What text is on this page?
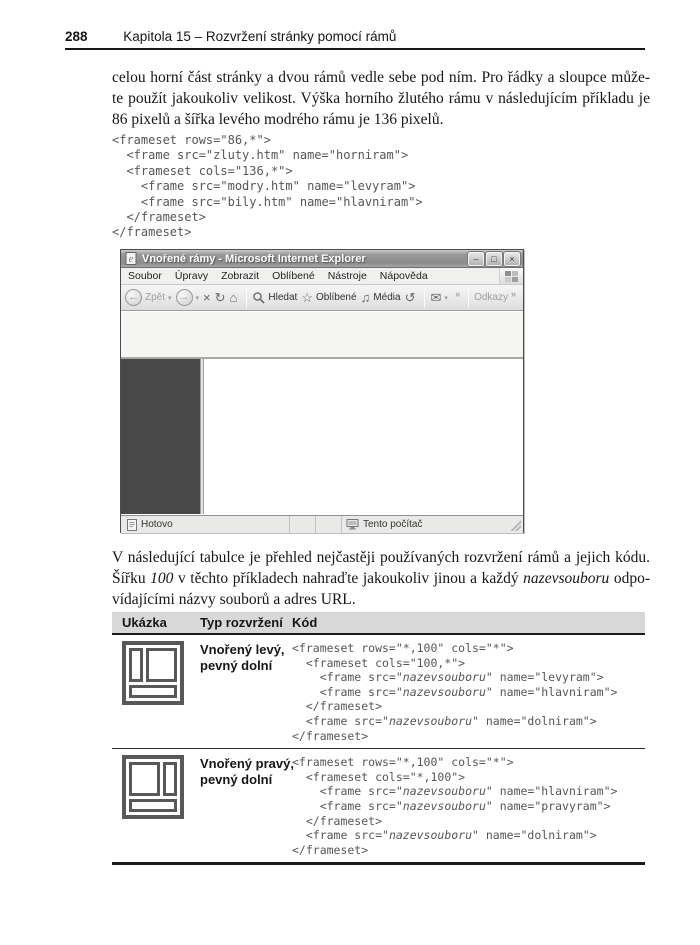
288	Kapitola 15 – Rozvržení stránky pomocí rámů
celou horní část stránky a dvou rámů vedle sebe pod ním. Pro řádky a sloupce může-
te použít jakoukoliv velikost. Výška horního žlutého rámu v následujícím příkladu je
86 pixelů a šířka levého modrého rámu je 136 pixelů.
<frameset rows="86,*">
<frame src="zluty.htm" name="horniram">
<frameset cols="136,*">
<frame src="modry.htm" name="levyram">
<frame src="bily.htm" name="hlavniram">
</frameset>
</frameset>
e Vnořené rámy - Microsoft Internet Explorer	–	□	×
Soubor Úpravy Zobrazit Oblíbené Nástroje Nápověda
← Zpět ▾ → ▾ × ↻ ⌂	Hledat ☆ Oblíbené ♫ Média ↺ ✉ ▾ » Odkazy »
Hotovo	Tento počítač
V následující tabulce je přehled nejčastěji používaných rozvržení rámů a jejich kódu.
Šířku 100 v těchto příkladech nahraďte jakoukoliv jinou a každý nazevsouboru odpo-
vídajícími názvy souborů a adres URL.
Ukázka	Typ rozvržení Kód
Vnořený levý,
pevný dolní
<frameset rows="*,100" cols="*">
<frameset cols="100,*">
<frame src="nazevsouboru" name="levyram">
<frame src="nazevsouboru" name="hlavniram">
</frameset>
<frame src="nazevsouboru" name="dolniram">
</frameset>
Vnořený pravý,
pevný dolní
<frameset rows="*,100" cols="*">
<frameset cols="*,100">
<frame src="nazevsouboru" name="hlavniram">
<frame src="nazevsouboru" name="pravyram">
</frameset>
<frame src="nazevsouboru" name="dolniram">
</frameset>
